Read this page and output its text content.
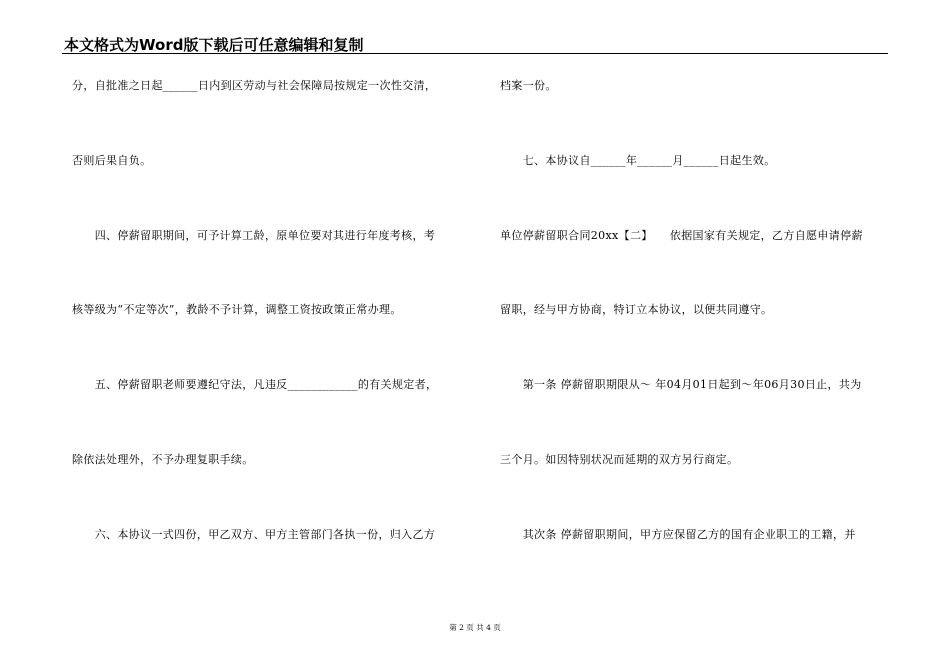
本文格式为Word版下载后可任意编辑和复制
分，自批准之日起______日内到区劳动与社会保障局按规定一次性交清，
否则后果自负。
　　四、停薪留职期间，可予计算工龄，原单位要对其进行年度考核，考
核等级为“不定等次”，教龄不予计算，调整工资按政策正常办理。
　　五、停薪留职老师要遵纪守法，凡违反____________的有关规定者，
除依法处理外，不予办理复职手续。
　　六、本协议一式四份，甲乙双方、甲方主管部门各执一份，归入乙方
档案一份。
　　七、本协议自______年______月______日起生效。
单位停薪留职合同20xx【二】　　依据国家有关规定，乙方自愿申请停薪
留职，经与甲方协商，特订立本协议，以便共同遵守。
　　第一条 停薪留职期限从～ 年04月01日起到～年06月30日止，共为
三个月。如因特别状况而延期的双方另行商定。
　　其次条 停薪留职期间，甲方应保留乙方的国有企业职工的工籍，并
第 2 页 共 4 页
